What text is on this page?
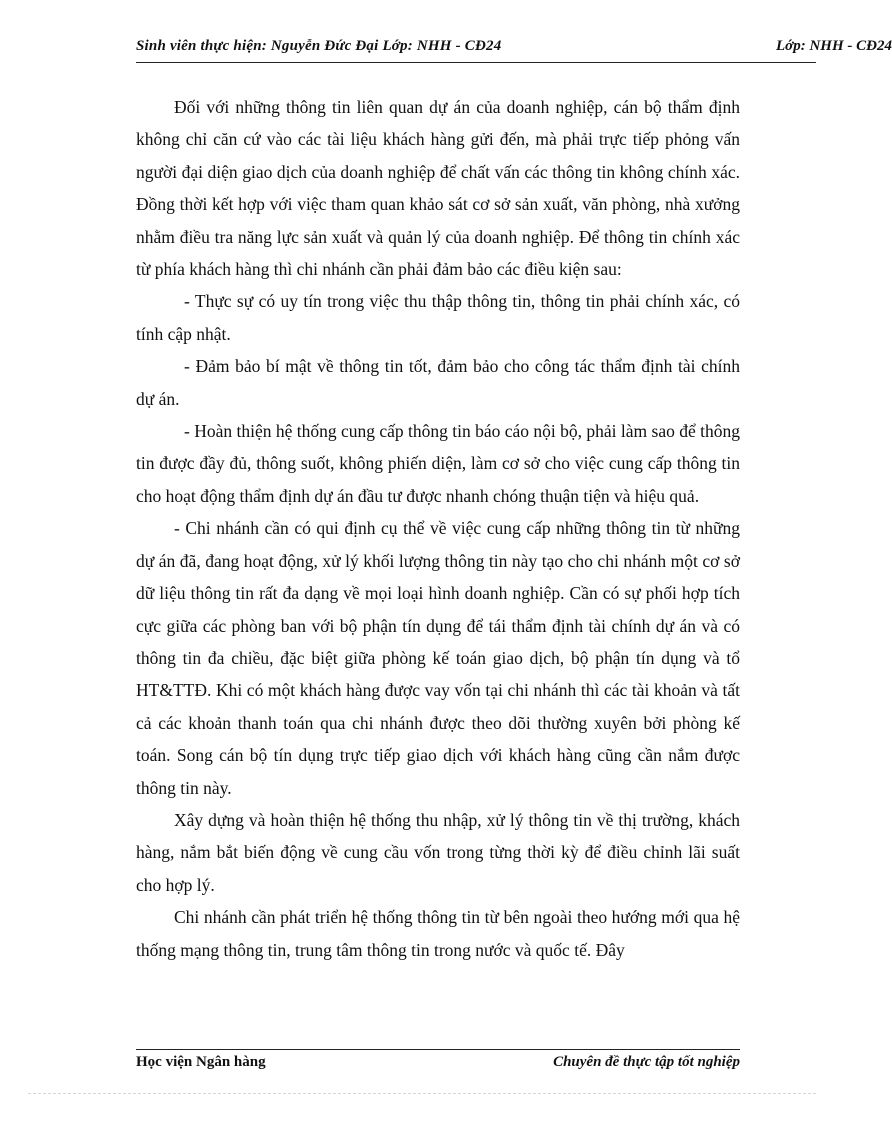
Sinh viên thực hiện: Nguyễn Đức Đại Lớp: NHH - CĐ24	Lớp: NHH - CĐ24

Đối với những thông tin liên quan dự án của doanh nghiệp, cán bộ thẩm định không chỉ căn cứ vào các tài liệu khách hàng gửi đến, mà phải trực tiếp phỏng vấn người đại diện giao dịch của doanh nghiệp để chất vấn các thông tin không chính xác. Đồng thời kết hợp với việc tham quan khảo sát cơ sở sản xuất, văn phòng, nhà xưởng nhằm điều tra năng lực sản xuất và quản lý của doanh nghiệp. Để thông tin chính xác từ phía khách hàng thì chi nhánh cần phải đảm bảo các điều kiện sau:

- Thực sự có uy tín trong việc thu thập thông tin, thông tin phải chính xác, có tính cập nhật.

- Đảm bảo bí mật về thông tin tốt, đảm bảo cho công tác thẩm định tài chính dự án.

- Hoàn thiện hệ thống cung cấp thông tin báo cáo nội bộ, phải làm sao để thông tin được đầy đủ, thông suốt, không phiến diện, làm cơ sở cho việc cung cấp thông tin cho hoạt động thẩm định dự án đầu tư được nhanh chóng thuận tiện và hiệu quả.

- Chi nhánh cần có qui định cụ thể về việc cung cấp những thông tin từ những dự án đã, đang hoạt động, xử lý khối lượng thông tin này tạo cho chi nhánh một cơ sở dữ liệu thông tin rất đa dạng về mọi loại hình doanh nghiệp. Cần có sự phối hợp tích cực giữa các phòng ban với bộ phận tín dụng để tái thẩm định tài chính dự án và có thông tin đa chiều, đặc biệt giữa phòng kế toán giao dịch, bộ phận tín dụng và tổ HT&TTĐ. Khi có một khách hàng được vay vốn tại chi nhánh thì các tài khoản và tất cả các khoản thanh toán qua chi nhánh được theo dõi thường xuyên bởi phòng kế toán. Song cán bộ tín dụng trực tiếp giao dịch với khách hàng cũng cần nắm được thông tin này.

Xây dựng và hoàn thiện hệ thống thu nhập, xử lý thông tin về thị trường, khách hàng, nắm bắt biến động về cung cầu vốn trong từng thời kỳ để điều chỉnh lãi suất cho hợp lý.

Chi nhánh cần phát triển hệ thống thông tin từ bên ngoài theo hướng mới qua hệ thống mạng thông tin, trung tâm thông tin trong nước và quốc tế. Đây

Học viện Ngân hàng	Chuyên đề thực tập tốt nghiệp
